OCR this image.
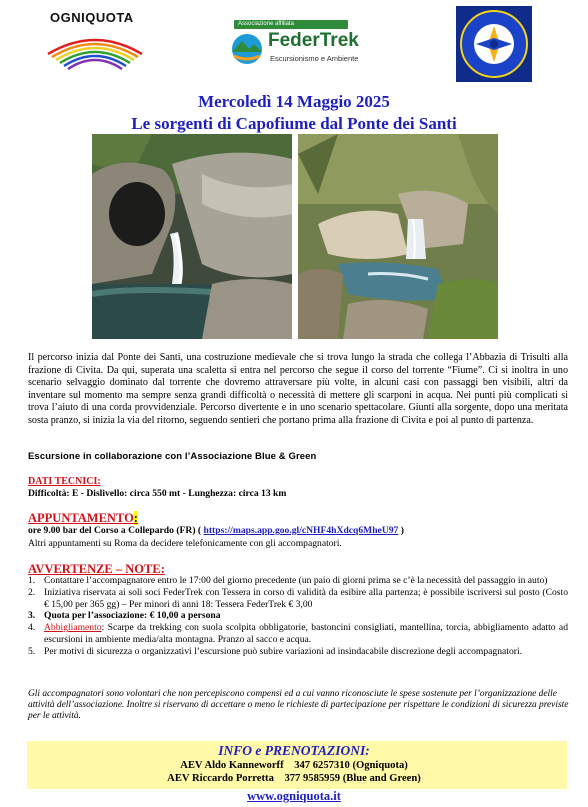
OGNIQUOTA	Associazione affiliata
FederTrek
Escursionismo e Ambiente
Mercoledì 14 Maggio 2025
Le sorgenti di Capofiume dal Ponte dei Santi
Il percorso inizia dal Ponte dei Santi, una costruzione medievale che si trova lungo la strada che collega l’Abbazia di Trisulti alla frazione di Civita. Da qui, superata una scaletta si entra nel percorso che segue il corso del torrente “Fiume”. Ci si inoltra in uno scenario selvaggio dominato dal torrente che dovremo attraversare più volte, in alcuni casi con passaggi ben visibili, altri da inventare sul momento ma sempre senza grandi difficoltà o necessità di mettere gli scarponi in acqua. Nei punti più complicati si trova l’aiuto di una corda provvidenziale. Percorso divertente e in uno scenario spettacolare. Giunti alla sorgente, dopo una meritata sosta pranzo, si inizia la via del ritorno, seguendo sentieri che portano prima alla frazione di Civita e poi al punto di partenza.
Escursione in collaborazione con l’Associazione Blue & Green
DATI TECNICI:
Difficoltà: E - Dislivello: circa 550 mt - Lunghezza: circa 13 km
APPUNTAMENTO:
ore 9.00 bar del Corso a Collepardo (FR) ( https://maps.app.goo.gl/cNHF4hXdcq6MheU97 )
Altri appuntamenti su Roma da decidere telefonicamente con gli accompagnatori.
AVVERTENZE – NOTE:
1. Contattare l’accompagnatore entro le 17:00 del giorno precedente (un paio di giorni prima se c’è la necessità del passaggio in auto)
2. Iniziativa riservata ai soli soci FederTrek con Tessera in corso di validità da esibire alla partenza; è possibile iscriversi sul posto (Costo € 15,00 per 365 gg) – Per minori di anni 18: Tessera FederTrek € 3,00
3. Quota per l’associazione: € 10,00 a persona
4. Abbigliamento: Scarpe da trekking con suola scolpita obbligatorie, bastoncini consigliati, mantellina, torcia, abbigliamento adatto ad escursioni in ambiente media/alta montagna. Pranzo al sacco e acqua.
5. Per motivi di sicurezza o organizzativi l’escursione può subire variazioni ad insindacabile discrezione degli accompagnatori.
Gli accompagnatori sono volontari che non percepiscono compensi ed a cui vanno riconosciute le spese sostenute per l’organizzazione delle attività dell’associazione. Inoltre si riservano di accettare o meno le richieste di partecipazione per rispettare le condizioni di sicurezza previste per le attività.
INFO e PRENOTAZIONI:
AEV Aldo Kanneworff    347 6257310 (Ogniquota)
AEV Riccardo Porretta    377 9585959 (Blue and Green)
www.ogniquota.it
